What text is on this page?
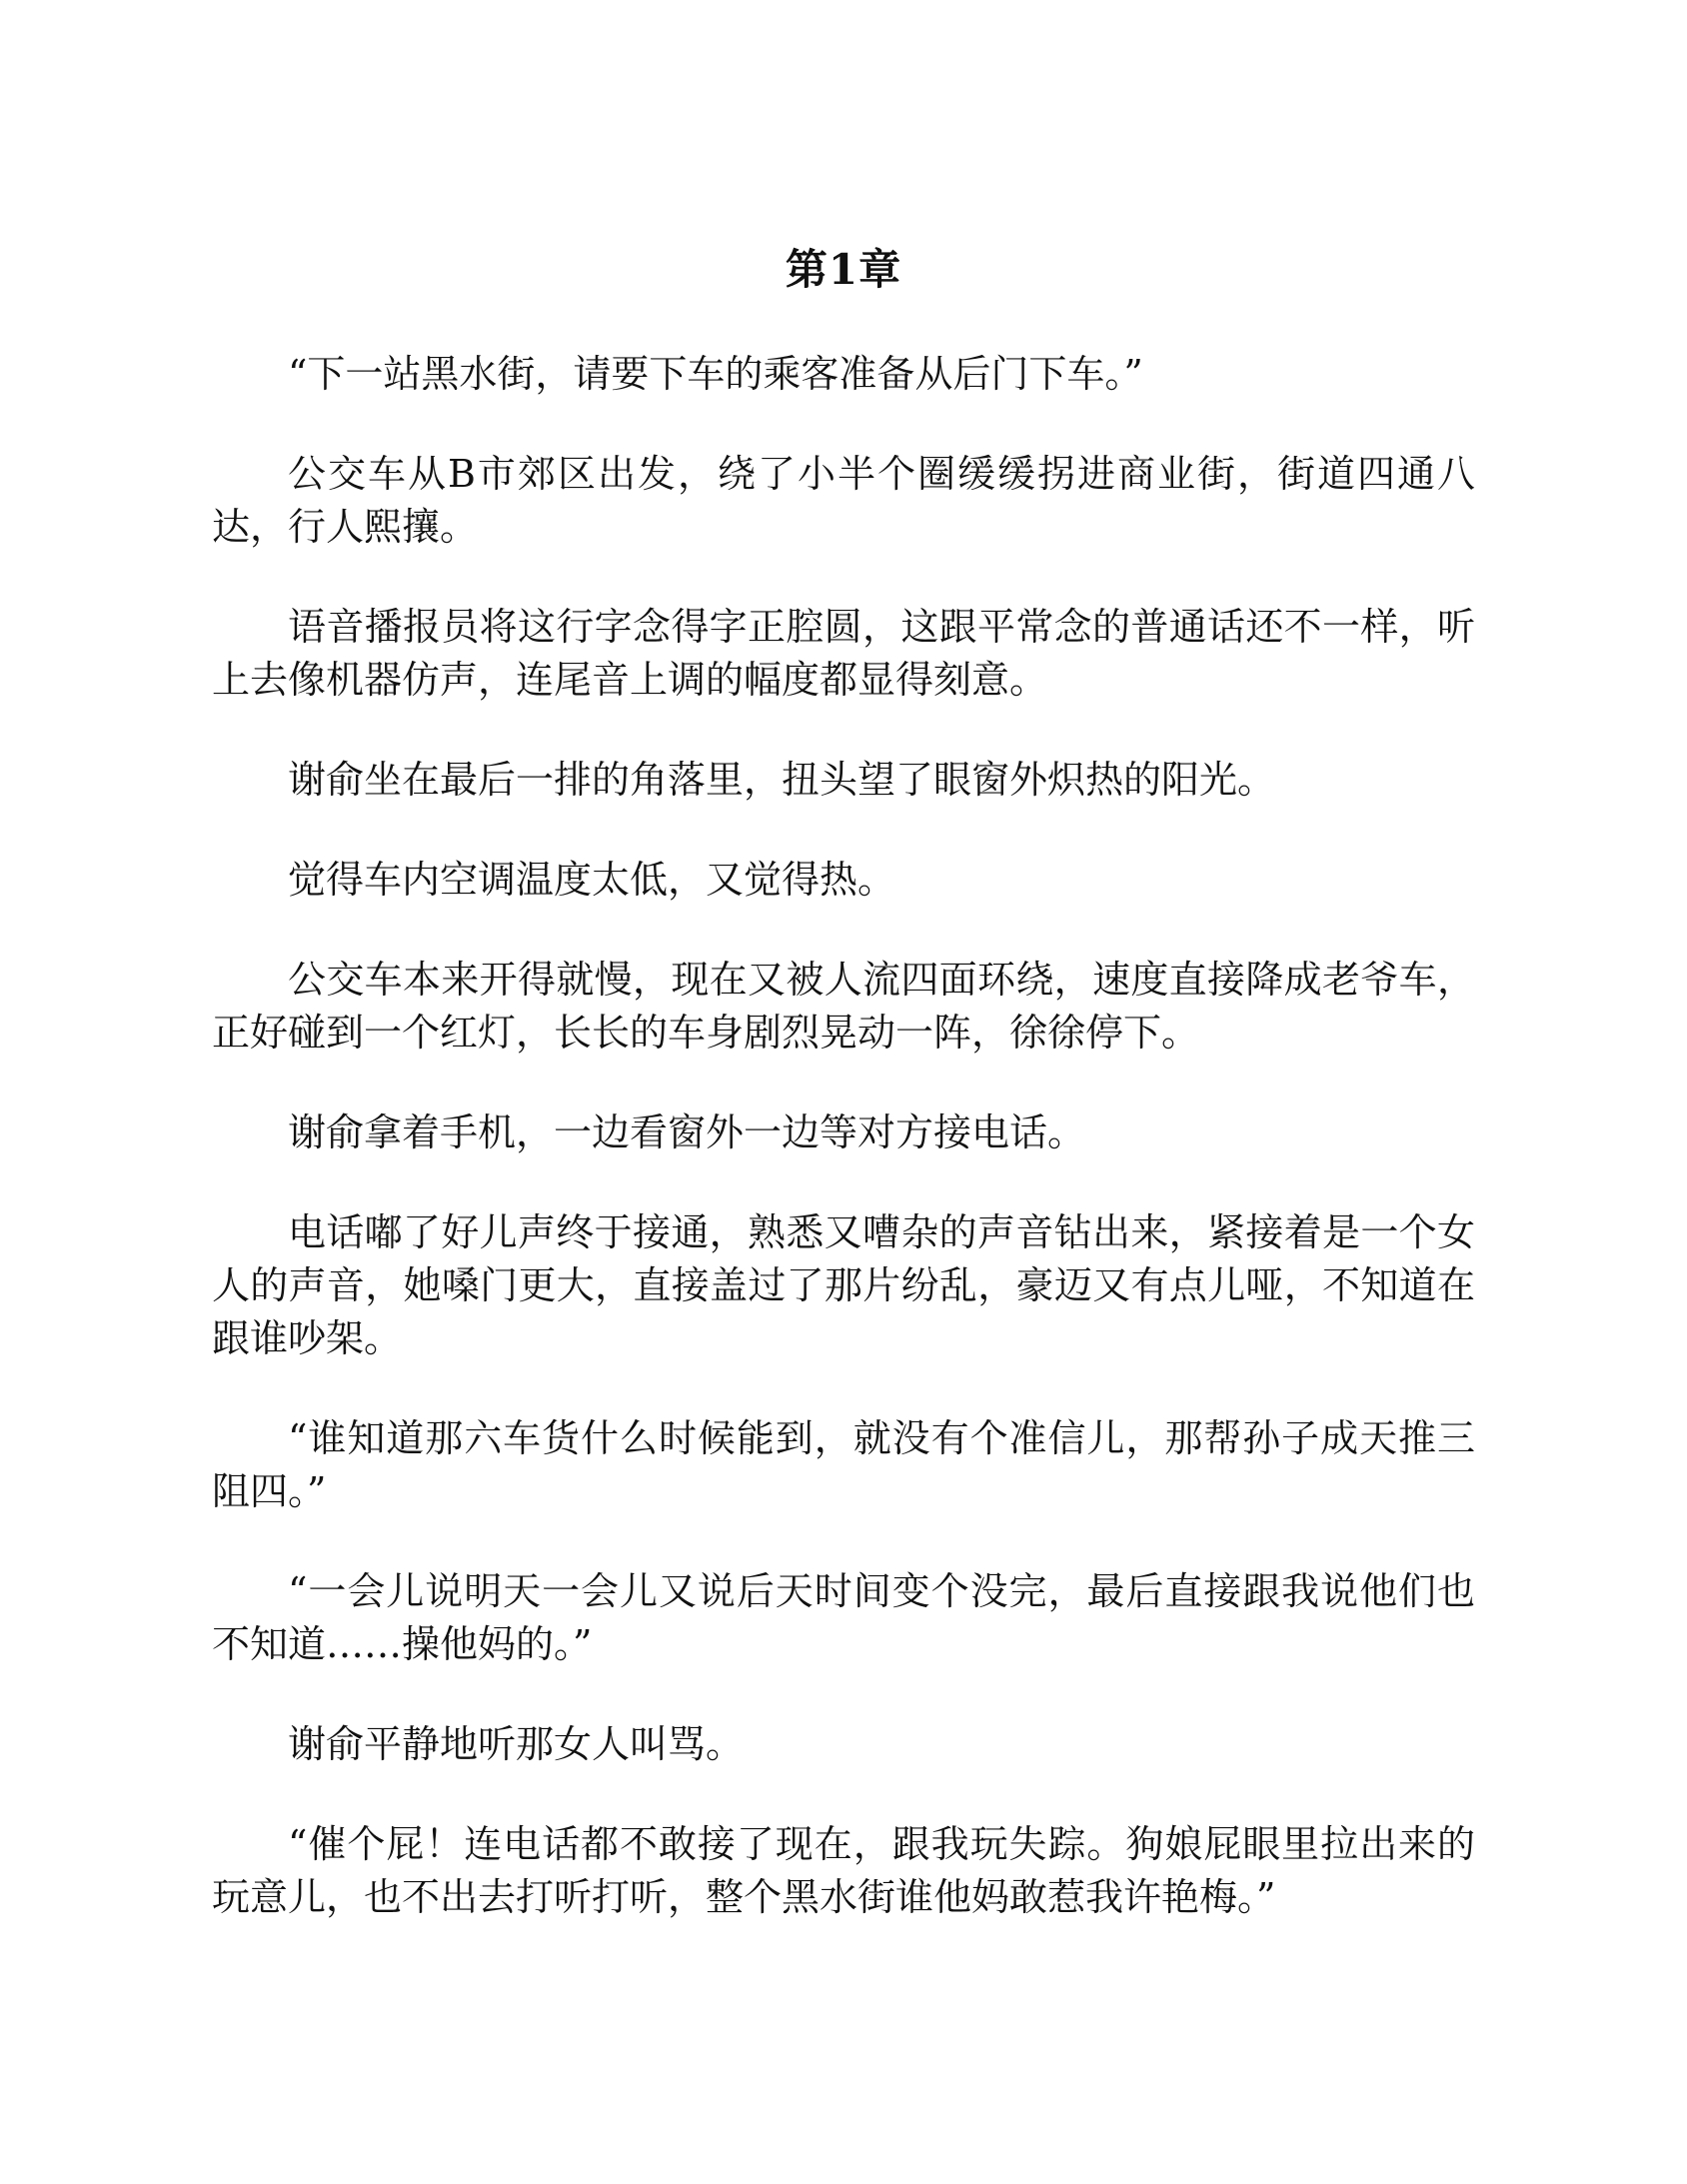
第1章

“下一站黑水街，请要下车的乘客准备从后门下车。”

公交车从B市郊区出发，绕了小半个圈缓缓拐进商业街，街道四通八达，行人熙攘。

语音播报员将这行字念得字正腔圆，这跟平常念的普通话还不一样，听上去像机器仿声，连尾音上调的幅度都显得刻意。

谢俞坐在最后一排的角落里，扭头望了眼窗外炽热的阳光。

觉得车内空调温度太低，又觉得热。

公交车本来开得就慢，现在又被人流四面环绕，速度直接降成老爷车，正好碰到一个红灯，长长的车身剧烈晃动一阵，徐徐停下。

谢俞拿着手机，一边看窗外一边等对方接电话。

电话嘟了好儿声终于接通，熟悉又嘈杂的声音钻出来，紧接着是一个女人的声音，她嗓门更大，直接盖过了那片纷乱，豪迈又有点儿哑，不知道在跟谁吵架。

“谁知道那六车货什么时候能到，就没有个准信儿，那帮孙子成天推三阻四。”

“一会儿说明天一会儿又说后天时间变个没完，最后直接跟我说他们也不知道……操他妈的。”

谢俞平静地听那女人叫骂。

“催个屁！连电话都不敢接了现在，跟我玩失踪。狗娘屁眼里拉出来的玩意儿，也不出去打听打听，整个黑水街谁他妈敢惹我许艳梅。”
